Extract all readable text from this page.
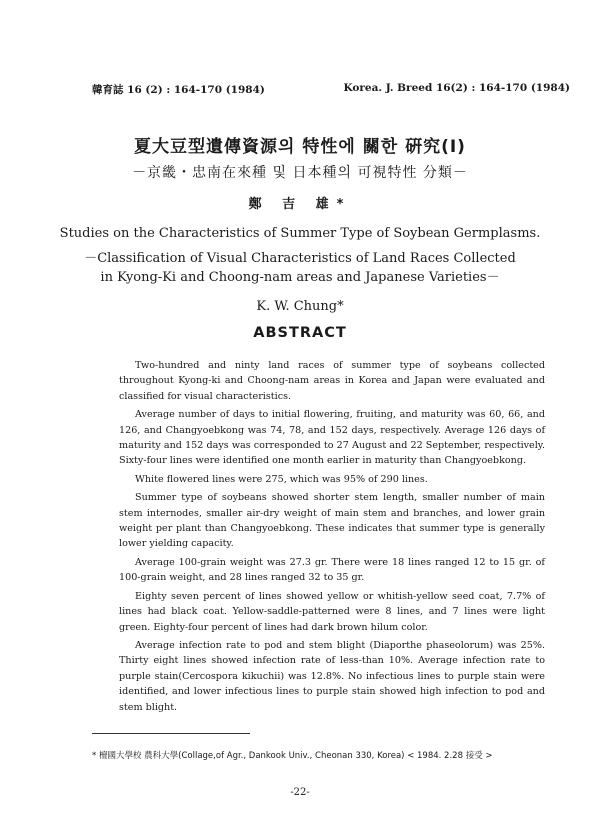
韓育誌 16 (2) : 164-170 (1984)	Korea. J. Breed 16(2) : 164-170 (1984)
夏大豆型遺傳資源의 特性에 關한 硏究(Ⅰ)
－京畿・忠南在來種 및 日本種의 可視特性 分類－
鄭 吉 雄*
Studies on the Characteristics of Summer Type of Soybean Germplasms.
－Classification of Visual Characteristics of Land Races Collected in Kyong-Ki and Choong-nam areas and Japanese Varieties－
K. W. Chung*
ABSTRACT

Two-hundred and ninty land races of summer type of soybeans collected throughout Kyong-ki and Choong-nam areas in Korea and Japan were evaluated and classified for visual characteristics.

Average number of days to initial flowering, fruiting, and maturity was 60, 66, and 126, and Changyoebkong was 74, 78, and 152 days, respectively. Average 126 days of maturity and 152 days was corresponded to 27 August and 22 September, respectively. Sixty-four lines were identified one month earlier in maturity than Changyoebkong.

White flowered lines were 275, which was 95% of 290 lines.

Summer type of soybeans showed shorter stem length, smaller number of main stem internodes, smaller air-dry weight of main stem and branches, and lower grain weight per plant than Changyoebkong. These indicates that summer type is generally lower yielding capacity.

Average 100-grain weight was 27.3 gr. There were 18 lines ranged 12 to 15 gr. of 100-grain weight, and 28 lines ranged 32 to 35 gr.

Eighty seven percent of lines showed yellow or whitish-yellow seed coat, 7.7% of lines had black coat. Yellow-saddle-patterned were 8 lines, and 7 lines were light green. Eighty-four percent of lines had dark brown hilum color.

Average infection rate to pod and stem blight (Diaporthe phaseolorum) was 25%. Thirty eight lines showed infection rate of less-than 10%. Average infection rate to purple stain(Cercospora kikuchii) was 12.8%. No infectious lines to purple stain were identified, and lower infectious lines to purple stain showed high infection to pod and stem blight.

* 檀國大學校 農科大學(Collage,of Agr., Dankook Univ., Cheonan 330, Korea) < 1984. 2.28 接受 >
-22-
